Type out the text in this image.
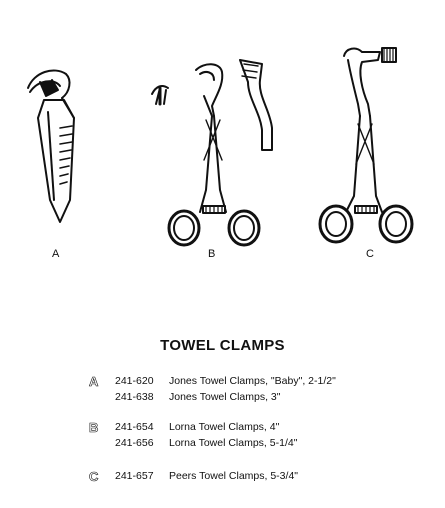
A	B	C
TOWEL CLAMPS
A	241-620 Jones Towel Clamps, "Baby", 2-1/2"
241-638 Jones Towel Clamps, 3"
B	241-654 Lorna Towel Clamps, 4"
241-656 Lorna Towel Clamps, 5-1/4"
C	241-657 Peers Towel Clamps, 5-3/4"
